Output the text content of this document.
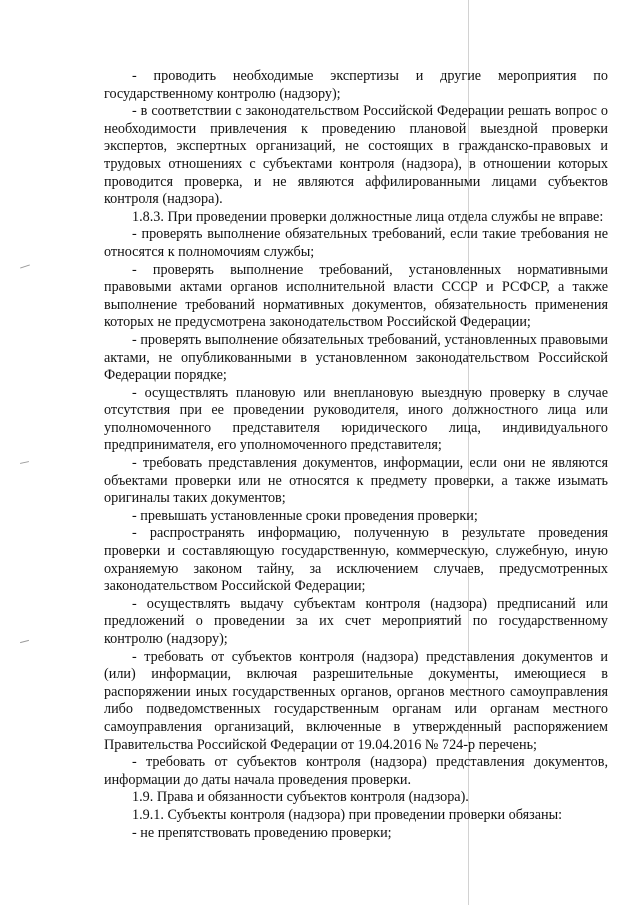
- проводить необходимые экспертизы и другие мероприятия по государственному контролю (надзору);

- в соответствии с законодательством Российской Федерации решать вопрос о необходимости привлечения к проведению плановой выездной проверки экспертов, экспертных организаций, не состоящих в гражданско-правовых и трудовых отношениях с субъектами контроля (надзора), в отношении которых проводится проверка, и не являются аффилированными лицами субъектов контроля (надзора).

1.8.3. При проведении проверки должностные лица отдела службы не вправе:

- проверять выполнение обязательных требований, если такие требования не относятся к полномочиям службы;

- проверять выполнение требований, установленных нормативными правовыми актами органов исполнительной власти СССР и РСФСР, а также выполнение требований нормативных документов, обязательность применения которых не предусмотрена законодательством Российской Федерации;

- проверять выполнение обязательных требований, установленных правовыми актами, не опубликованными в установленном законодательством Российской Федерации порядке;

- осуществлять плановую или внеплановую выездную проверку в случае отсутствия при ее проведении руководителя, иного должностного лица или уполномоченного представителя юридического лица, индивидуального предпринимателя, его уполномоченного представителя;

- требовать представления документов, информации, если они не являются объектами проверки или не относятся к предмету проверки, а также изымать оригиналы таких документов;

- превышать установленные сроки проведения проверки;

- распространять информацию, полученную в результате проведения проверки и составляющую государственную, коммерческую, служебную, иную охраняемую законом тайну, за исключением случаев, предусмотренных законодательством Российской Федерации;

- осуществлять выдачу субъектам контроля (надзора) предписаний или предложений о проведении за их счет мероприятий по государственному контролю (надзору);

- требовать от субъектов контроля (надзора) представления документов и (или) информации, включая разрешительные документы, имеющиеся в распоряжении иных государственных органов, органов местного самоуправления либо подведомственных государственным органам или органам местного самоуправления организаций, включенные в утвержденный распоряжением Правительства Российской Федерации от 19.04.2016 № 724-р перечень;

- требовать от субъектов контроля (надзора) представления документов, информации до даты начала проведения проверки.

1.9. Права и обязанности субъектов контроля (надзора).

1.9.1. Субъекты контроля (надзора) при проведении проверки обязаны:

- не препятствовать проведению проверки;
